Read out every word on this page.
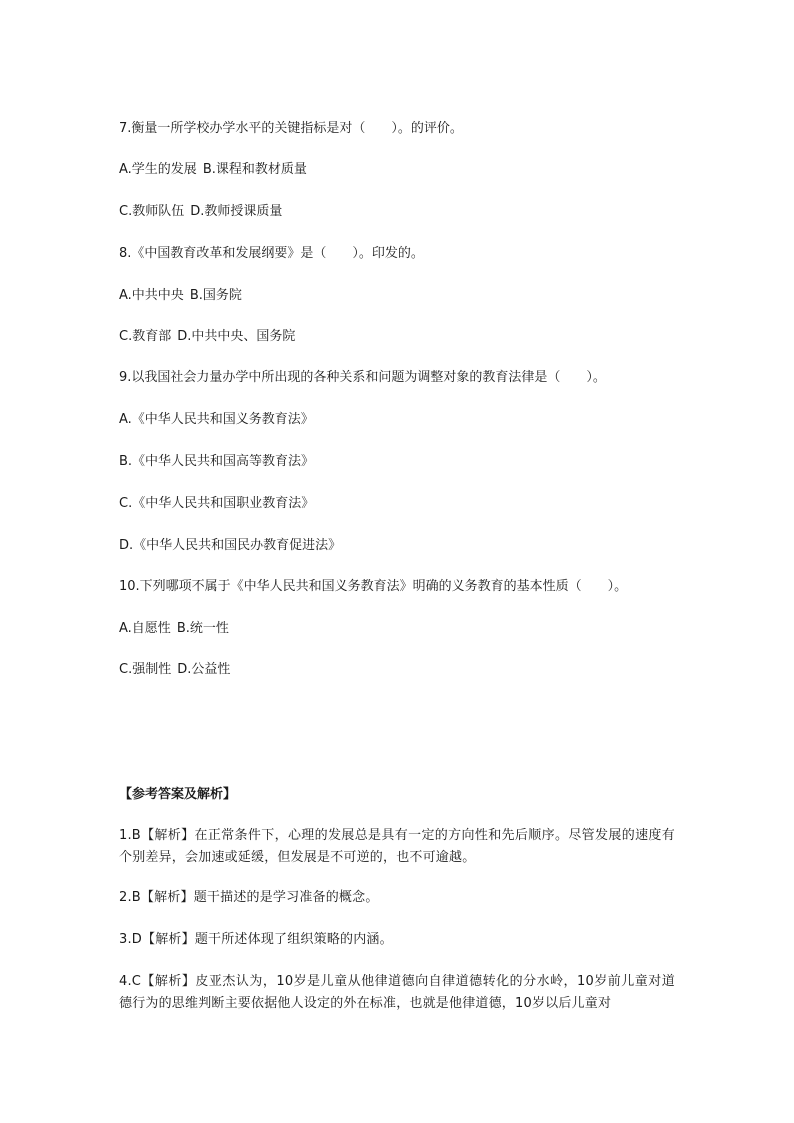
7.衡量一所学校办学水平的关键指标是对（　　）。的评价。
A.学生的发展 B.课程和教材质量
C.教师队伍 D.教师授课质量
8.《中国教育改革和发展纲要》是（　　）。印发的。
A.中共中央 B.国务院
C.教育部 D.中共中央、国务院
9.以我国社会力量办学中所出现的各种关系和问题为调整对象的教育法律是（　　）。
A.《中华人民共和国义务教育法》
B.《中华人民共和国高等教育法》
C.《中华人民共和国职业教育法》
D.《中华人民共和国民办教育促进法》
10.下列哪项不属于《中华人民共和国义务教育法》明确的义务教育的基本性质（　　）。
A.自愿性 B.统一性
C.强制性 D.公益性
【参考答案及解析】
1.B【解析】在正常条件下，心理的发展总是具有一定的方向性和先后顺序。尽管发展的速度有个别差异，会加速或延缓，但发展是不可逆的，也不可逾越。
2.B【解析】题干描述的是学习准备的概念。
3.D【解析】题干所述体现了组织策略的内涵。
4.C【解析】皮亚杰认为，10岁是儿童从他律道德向自律道德转化的分水岭，10岁前儿童对道德行为的思维判断主要依据他人设定的外在标准，也就是他律道德，10岁以后儿童对
